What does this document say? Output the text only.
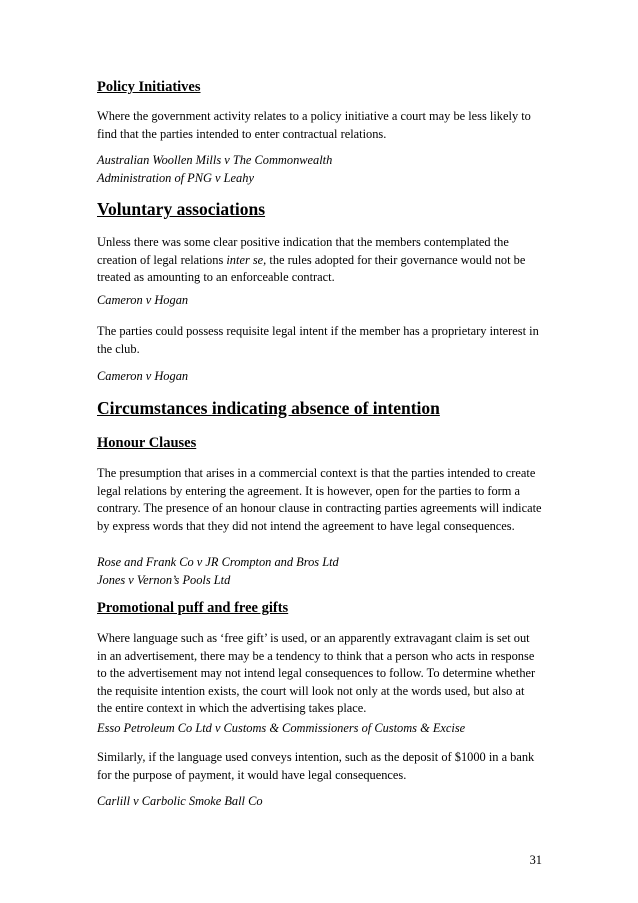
Policy Initiatives

Where the government activity relates to a policy initiative a court may be less likely to find that the parties intended to enter contractual relations.

Australian Woollen Mills v The Commonwealth
Administration of PNG v Leahy
Voluntary associations

Unless there was some clear positive indication that the members contemplated the creation of legal relations inter se, the rules adopted for their governance would not be treated as amounting to an enforceable contract.

Cameron v Hogan

The parties could possess requisite legal intent if the member has a proprietary interest in the club.

Cameron v Hogan
Circumstances indicating absence of intention
Honour Clauses

The presumption that arises in a commercial context is that the parties intended to create legal relations by entering the agreement. It is however, open for the parties to form a contrary. The presence of an honour clause in contracting parties agreements will indicate by express words that they did not intend the agreement to have legal consequences.

Rose and Frank Co v JR Crompton and Bros Ltd
Jones v Vernon’s Pools Ltd
Promotional puff and free gifts

Where language such as ‘free gift’ is used, or an apparently extravagant claim is set out in an advertisement, there may be a tendency to think that a person who acts in response to the advertisement may not intend legal consequences to follow. To determine whether the requisite intention exists, the court will look not only at the words used, but also at the entire context in which the advertising takes place.

Esso Petroleum Co Ltd v Customs & Commissioners of Customs & Excise

Similarly, if the language used conveys intention, such as the deposit of $1000 in a bank for the purpose of payment, it would have legal consequences.

Carlill v Carbolic Smoke Ball Co
31
